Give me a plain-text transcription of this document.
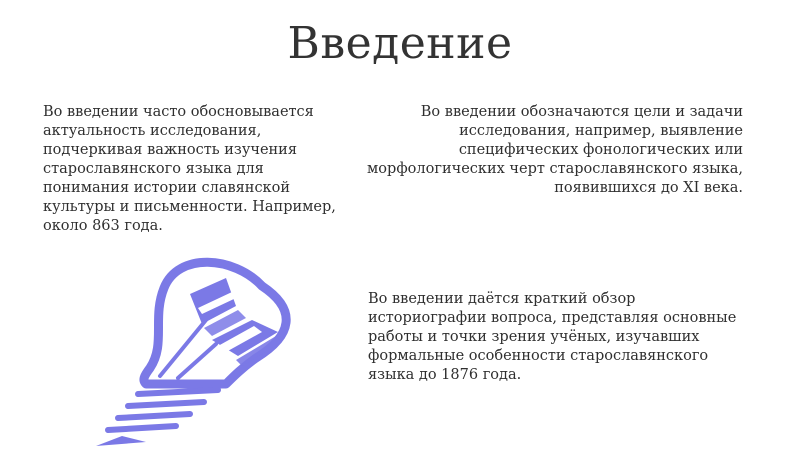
Введение

Во введении часто обосновывается
актуальность исследования,
подчеркивая важность изучения
старославянского языка для
понимания истории славянской
культуры и письменности. Например,
около 863 года.

Во введении обозначаются цели и задачи
исследования, например, выявление
специфических фонологических или
морфологических черт старославянского языка,
появившихся до XI века.

Во введении даётся краткий обзор
историографии вопроса, представляя основные
работы и точки зрения учёных, изучавших
формальные особенности старославянского
языка до 1876 года.
